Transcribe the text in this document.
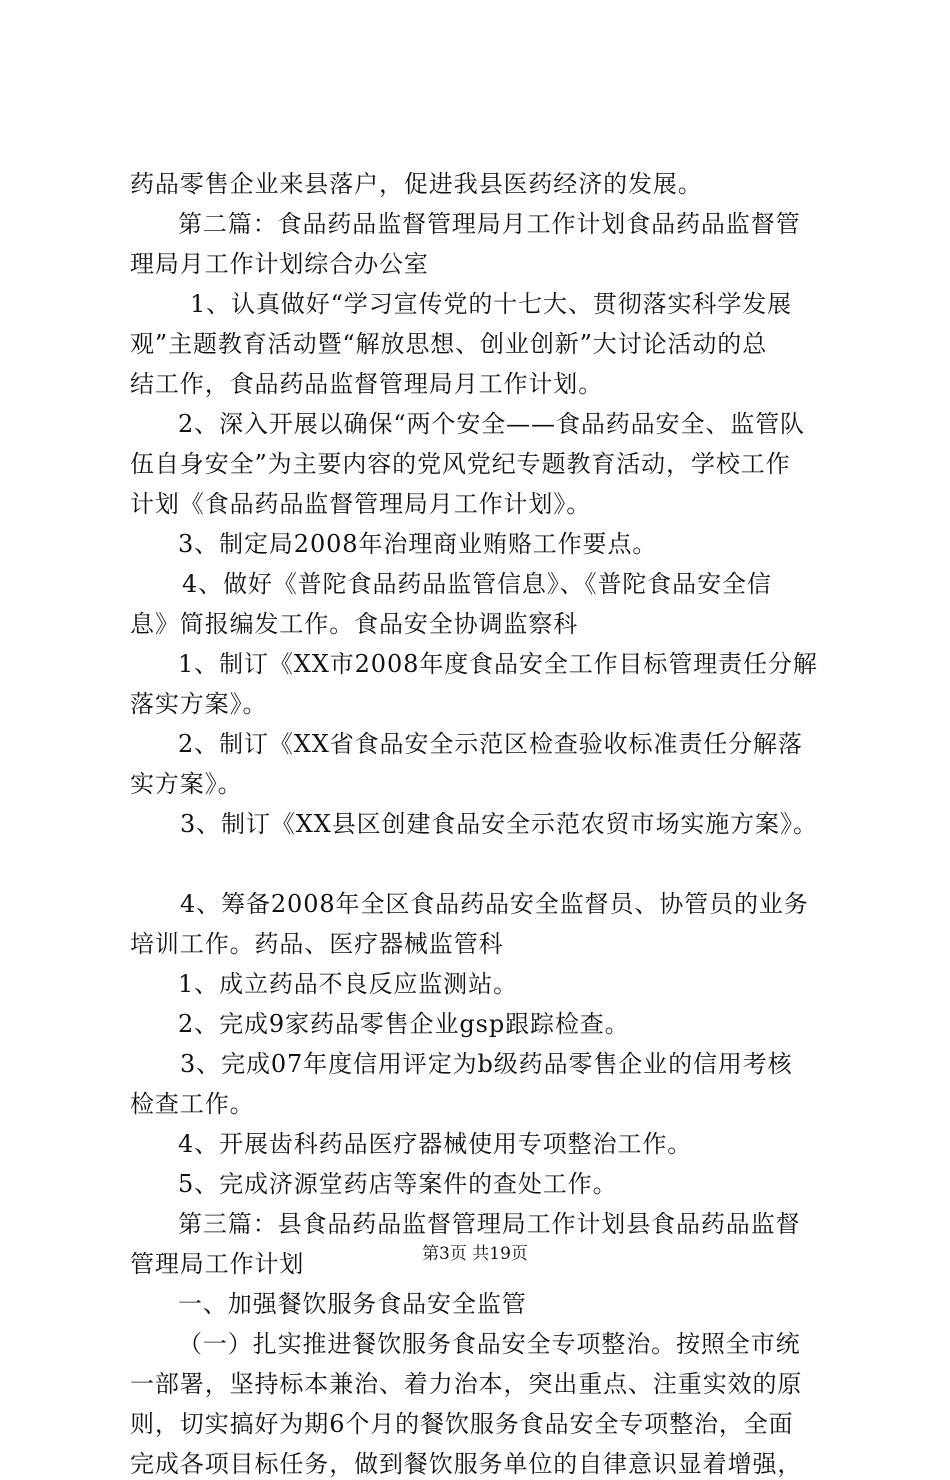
药品零售企业来县落户，促进我县医药经济的发展。
第二篇：食品药品监督管理局月工作计划食品药品监督管
理局月工作计划综合办公室
1、认真做好“学习宣传党的十七大、贯彻落实科学发展
观”主题教育活动暨“解放思想、创业创新”大讨论活动的总
结工作，食品药品监督管理局月工作计划。
2、深入开展以确保“两个安全——食品药品安全、监管队
伍自身安全”为主要内容的党风党纪专题教育活动，学校工作
计划《食品药品监督管理局月工作计划》。
3、制定局2008年治理商业贿赂工作要点。
4、做好《普陀食品药品监管信息》、《普陀食品安全信
息》简报编发工作。食品安全协调监察科
1、制订《XX市2008年度食品安全工作目标管理责任分解
落实方案》。
2、制订《XX省食品安全示范区检查验收标准责任分解落
实方案》。
3、制订《XX县区创建食品安全示范农贸市场实施方案》。
4、筹备2008年全区食品药品安全监督员、协管员的业务
培训工作。药品、医疗器械监管科
1、成立药品不良反应监测站。
2、完成9家药品零售企业gsp跟踪检查。
3、完成07年度信用评定为b级药品零售企业的信用考核
检查工作。
4、开展齿科药品医疗器械使用专项整治工作。
5、完成济源堂药店等案件的查处工作。
第三篇：县食品药品监督管理局工作计划县食品药品监督
管理局工作计划
一、加强餐饮服务食品安全监管
（一）扎实推进餐饮服务食品安全专项整治。按照全市统
一部署，坚持标本兼治、着力治本，突出重点、注重实效的原
则，切实搞好为期6个月的餐饮服务食品安全专项整治，全面
完成各项目标任务，做到餐饮服务单位的自律意识显着增强，
第3页 共19页
